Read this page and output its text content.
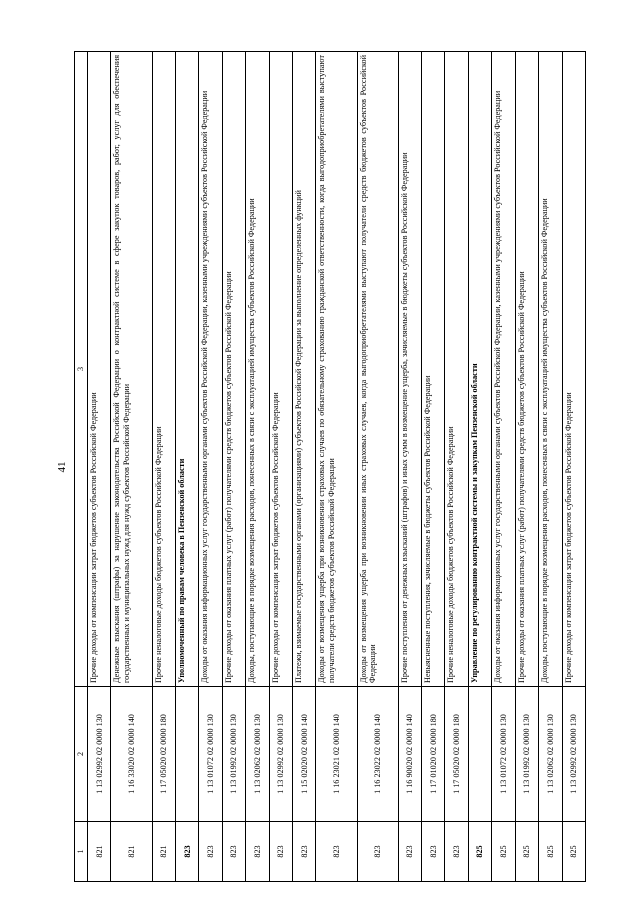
41
1	2	3
821	1 13 02992 02 0000 130	Прочие доходы от компенсации затрат бюджетов субъектов Российской Федерации
821	1 16 33020 02 0000 140	Денежные взыскания (штрафы) за нарушение законодательства Российской Федерации о контрактной системе в сфере закупок товаров, работ, услуг для обеспечения государственных и муниципальных нужд для нужд субъектов Российской Федерации
821	1 17 05020 02 0000 180	Прочие неналоговые доходы бюджетов субъектов Российской Федерации
823		Уполномоченный по правам человека в Пензенской области
823	1 13 01072 02 0000 130	Доходы от оказания информационных услуг государственными органами субъектов Российской Федерации, казенными учреждениями субъектов Российской Федерации
823	1 13 01992 02 0000 130	Прочие доходы от оказания платных услуг (работ) получателями средств бюджетов субъектов Российской Федерации
823	1 13 02062 02 0000 130	Доходы, поступающие в порядке возмещения расходов, понесенных в связи с эксплуатацией имущества субъектов Российской Федерации
823	1 13 02992 02 0000 130	Прочие доходы от компенсации затрат бюджетов субъектов Российской Федерации
823	1 15 02020 02 0000 140	Платежи, взимаемые государственными органами (организациями) субъектов Российской Федерации за выполнение определенных функций
823	1 16 23021 02 0000 140	Доходы от возмещения ущерба при возникновении страховых случаев по обязательному страхованию гражданской ответственности, когда выгодоприобретателями выступают получатели средств бюджетов субъектов Российской Федерации
823	1 16 23022 02 0000 140	Доходы от возмещения ущерба при возникновении иных страховых случаев, когда выгодоприобретателями выступают получатели средств бюджетов субъектов Российской Федерации
823	1 16 90020 02 0000 140	Прочие поступления от денежных взысканий (штрафов) и иных сумм в возмещение ущерба, зачисляемые в бюджеты субъектов Российской Федерации
823	1 17 01020 02 0000 180	Невыясненные поступления, зачисляемые в бюджеты субъектов Российской Федерации
823	1 17 05020 02 0000 180	Прочие неналоговые доходы бюджетов субъектов Российской Федерации
825		Управление по регулированию контрактной системы и закупкам Пензенской области
825	1 13 01072 02 0000 130	Доходы от оказания информационных услуг государственными органами субъектов Российской Федерации, казенными учреждениями субъектов Российской Федерации
825	1 13 01992 02 0000 130	Прочие доходы от оказания платных услуг (работ) получателями средств бюджетов субъектов Российской Федерации
825	1 13 02062 02 0000 130	Доходы, поступающие в порядке возмещения расходов, понесенных в связи с эксплуатацией имущества субъектов Российской Федерации
825	1 13 02992 02 0000 130	Прочие доходы от компенсации затрат бюджетов субъектов Российской Федерации
